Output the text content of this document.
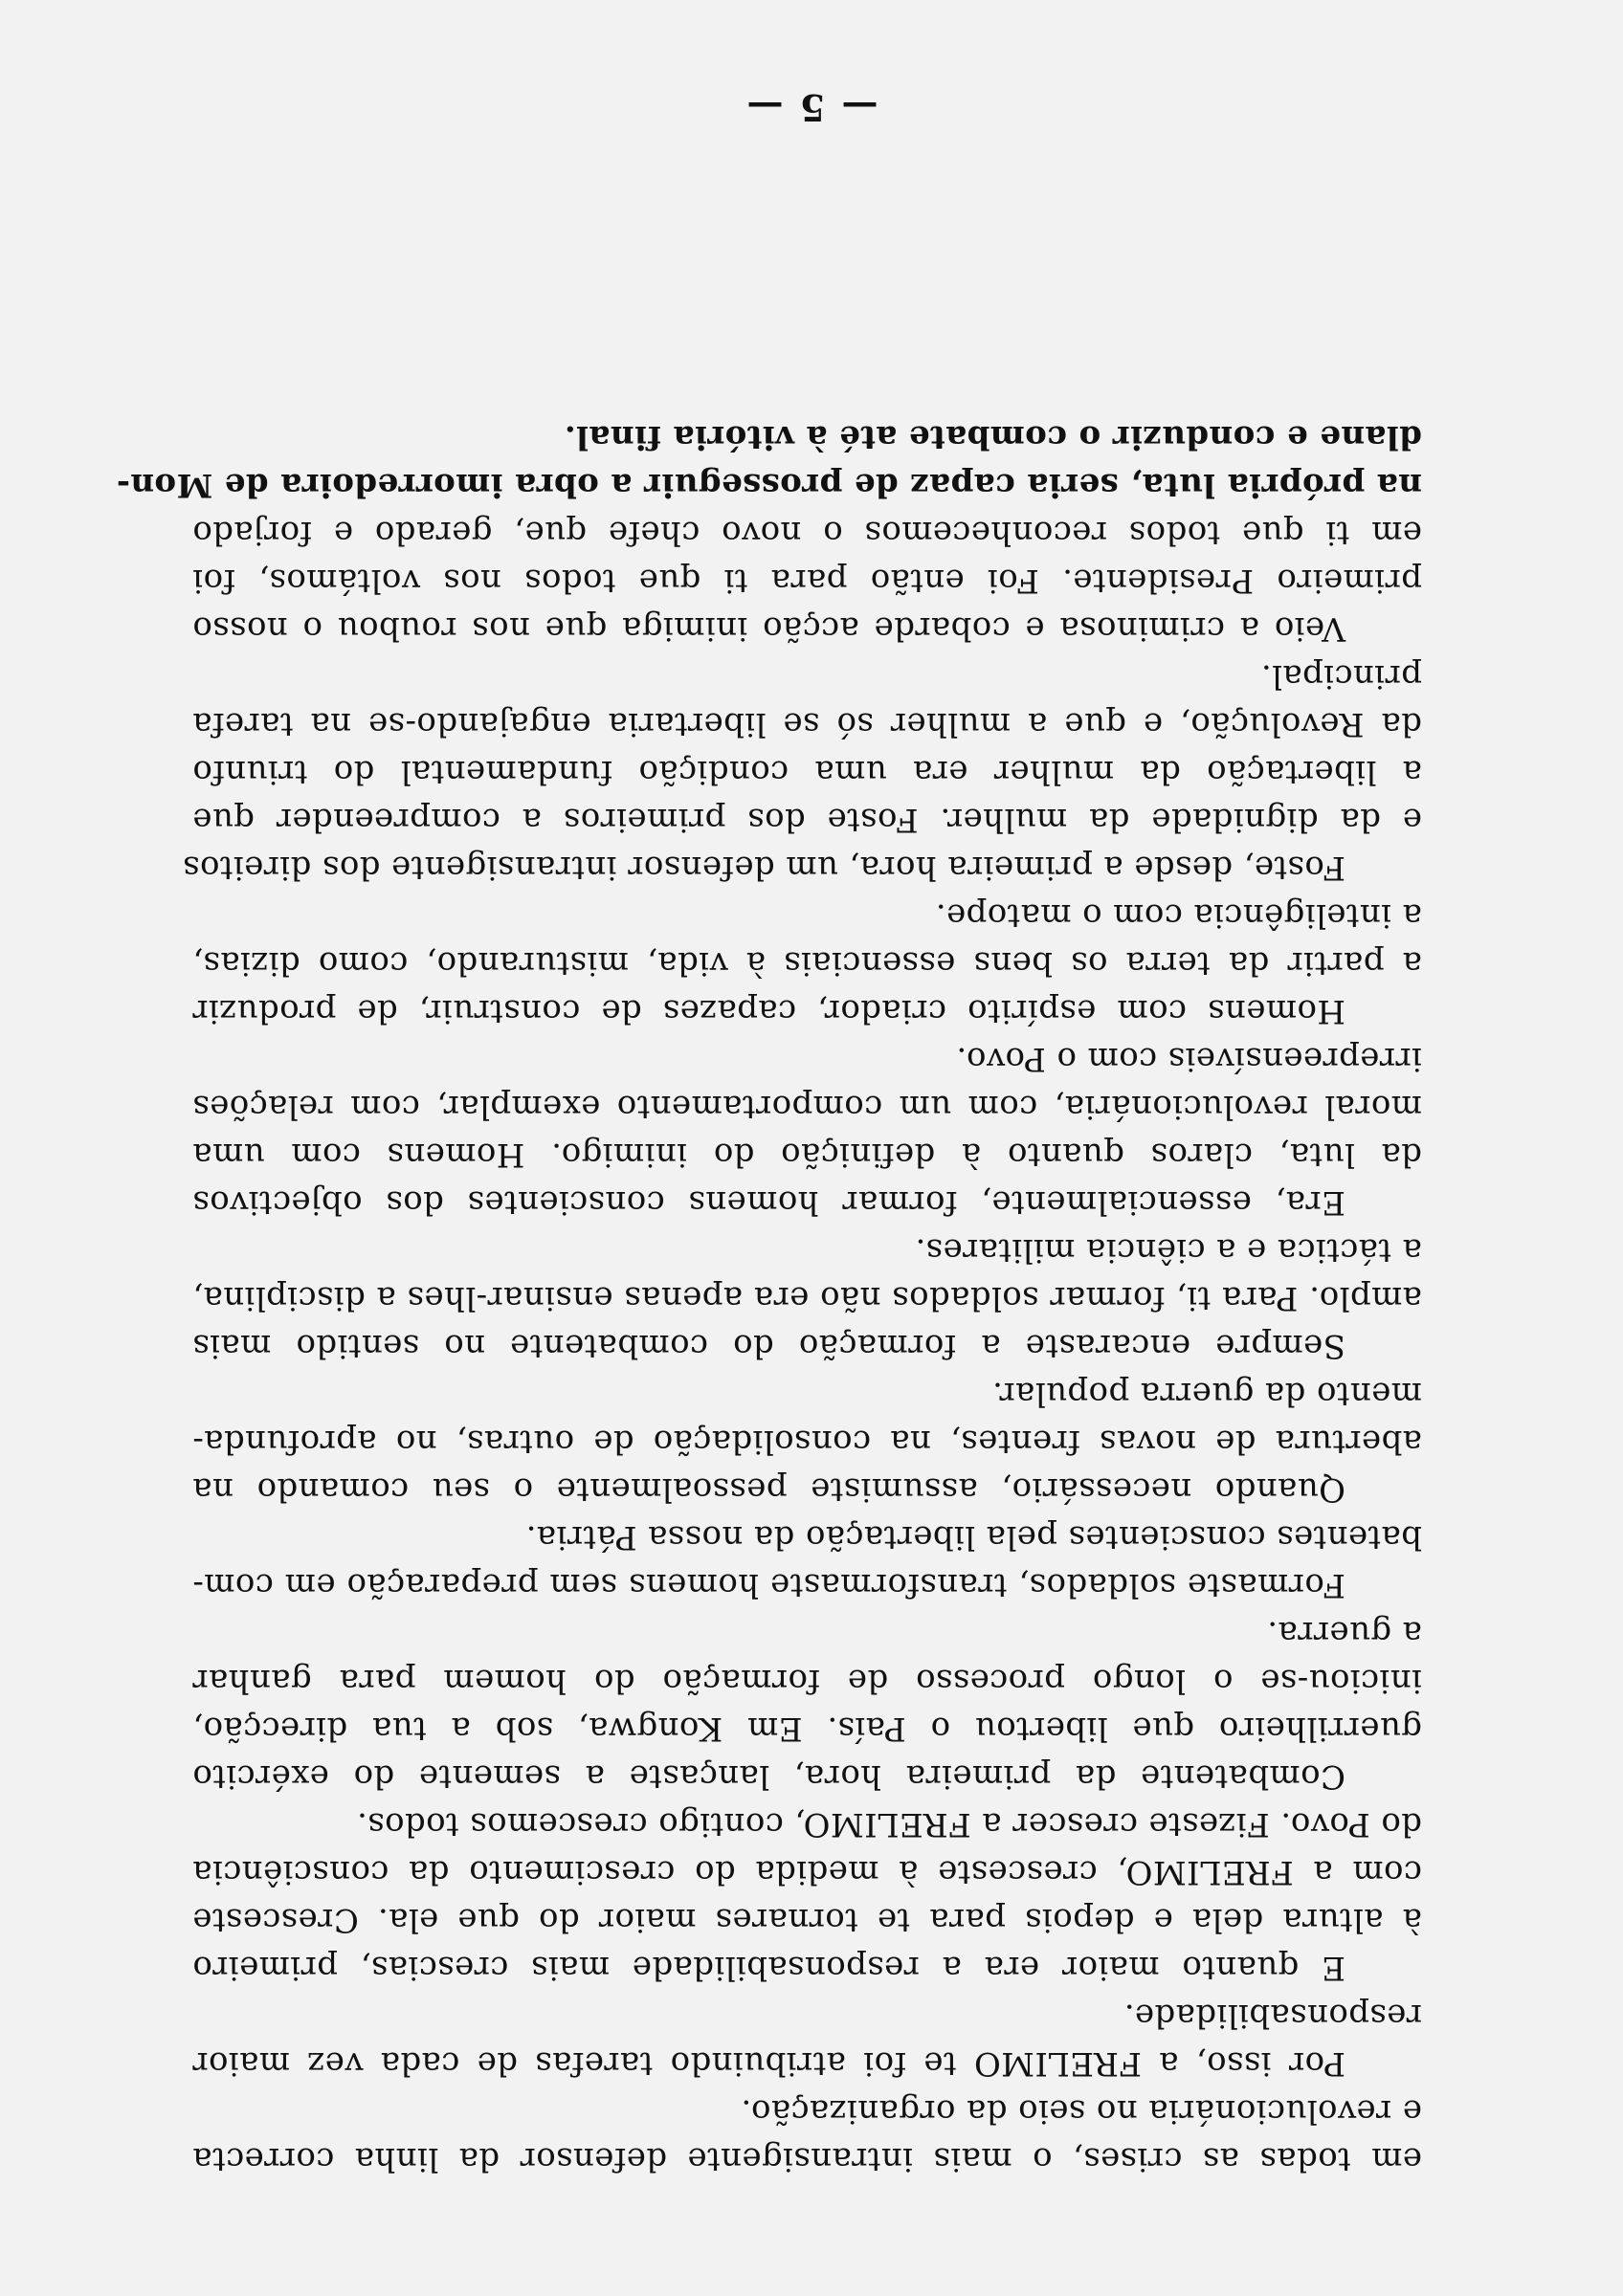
em todas as crises, o mais intransigente defensor da linha correcta
e revolucionária no seio da organização.
Por isso, a FRELIMO te foi atribuindo tarefas de cada vez maior
responsabilidade.
E quanto maior era a responsabilidade mais crescias, primeiro
à altura dela e depois para te tornares maior do que ela. Cresceste
com a FRELIMO, cresceste à medida do crescimento da consciência
do Povo. Fizeste crescer a FRELIMO, contigo crescemos todos.
Combatente da primeira hora, lançaste a semente do exército
guerrilheiro que libertou o País. Em Kongwa, sob a tua direcção,
iniciou-se o longo processo de formação do homem para ganhar
a guerra.
Formaste soldados, transformaste homens sem preparação em com-
batentes conscientes pela libertação da nossa Pátria.
Quando necessário, assumiste pessoalmente o seu comando na
abertura de novas frentes, na consolidação de outras, no aprofunda-
mento da guerra popular.
Sempre encaraste a formação do combatente no sentido mais
amplo. Para ti, formar soldados não era apenas ensinar-lhes a disciplina,
a táctica e a ciência militares.
Era, essencialmente, formar homens conscientes dos objectivos
da luta, claros quanto à definição do inimigo. Homens com uma
moral revolucionária, com um comportamento exemplar, com relações
irrepreensíveis com o Povo.
Homens com espírito criador, capazes de construir, de produzir
a partir da terra os bens essenciais à vida, misturando, como dizias,
a inteligência com o matope.
Foste, desde a primeira hora, um defensor intransigente dos direitos
e da dignidade da mulher. Foste dos primeiros a compreender que
a libertação da mulher era uma condição fundamental do triunfo
da Revolução, e que a mulher só se libertaria engajando-se na tarefa
principal.
Veio a criminosa e cobarde acção inimiga que nos roubou o nosso
primeiro Presidente. Foi então para ti que todos nos voltámos, foi
em ti que todos reconhecemos o novo chefe que, gerado e forjado
na própria luta, seria capaz de prosseguir a obra imorredoira de Mon-
dlane e conduzir o combate até à vitória final.
— 5 —
